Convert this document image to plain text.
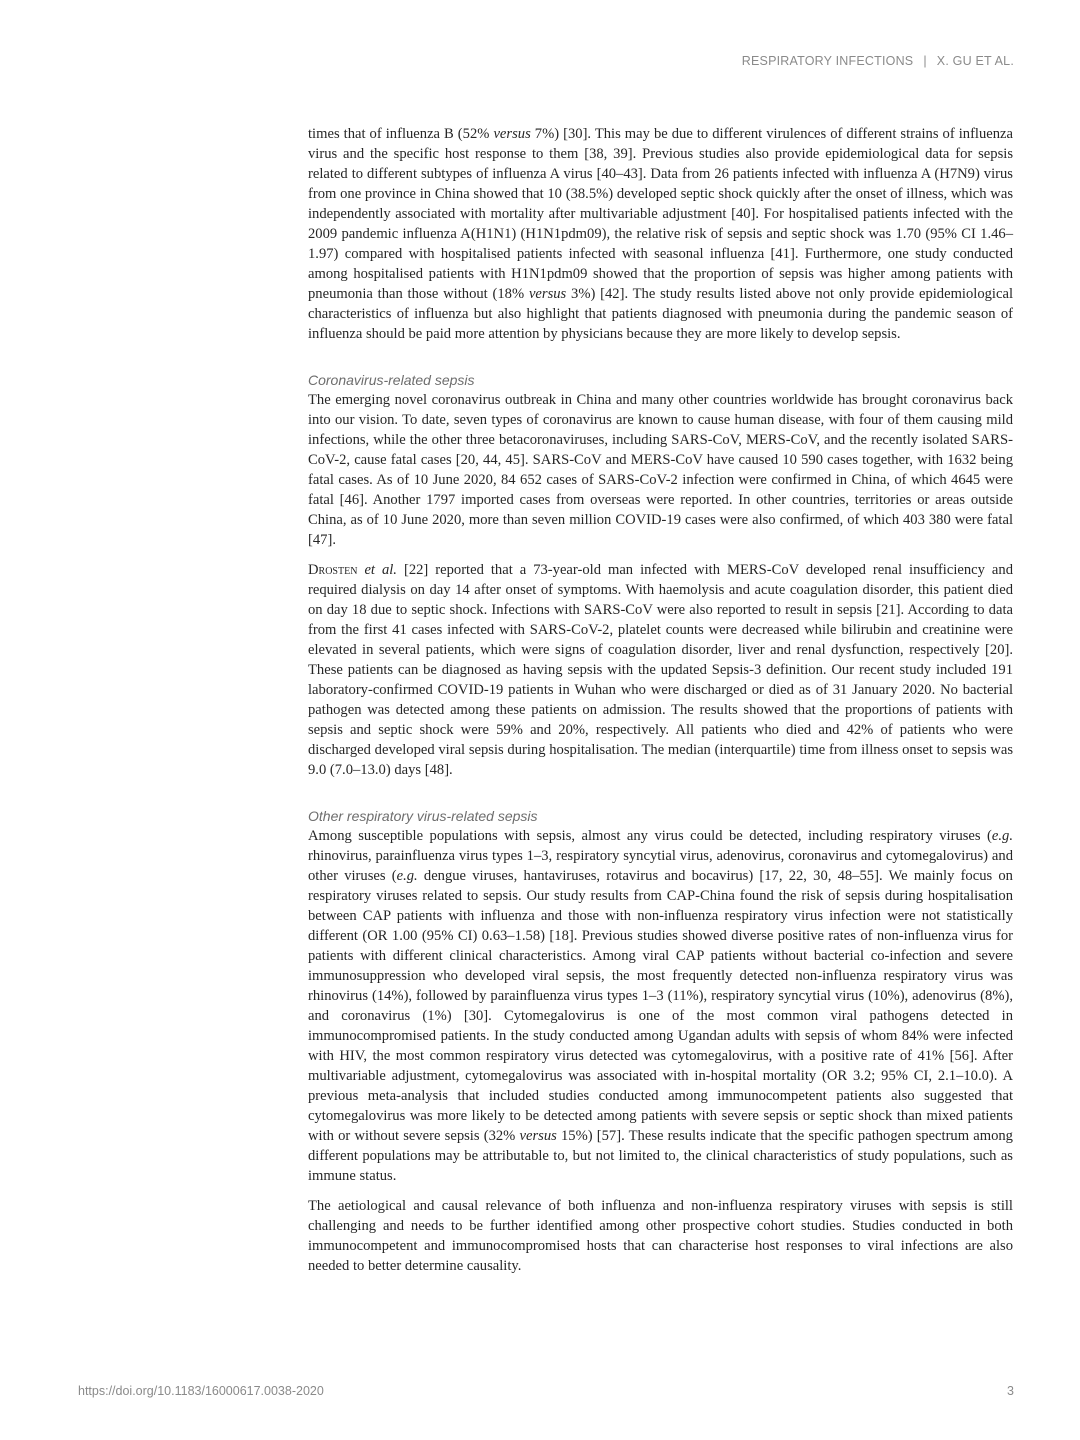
RESPIRATORY INFECTIONS | X. GU ET AL.

times that of influenza B (52% versus 7%) [30]. This may be due to different virulences of different strains of influenza virus and the specific host response to them [38, 39]. Previous studies also provide epidemiological data for sepsis related to different subtypes of influenza A virus [40–43]. Data from 26 patients infected with influenza A (H7N9) virus from one province in China showed that 10 (38.5%) developed septic shock quickly after the onset of illness, which was independently associated with mortality after multivariable adjustment [40]. For hospitalised patients infected with the 2009 pandemic influenza A(H1N1) (H1N1pdm09), the relative risk of sepsis and septic shock was 1.70 (95% CI 1.46–1.97) compared with hospitalised patients infected with seasonal influenza [41]. Furthermore, one study conducted among hospitalised patients with H1N1pdm09 showed that the proportion of sepsis was higher among patients with pneumonia than those without (18% versus 3%) [42]. The study results listed above not only provide epidemiological characteristics of influenza but also highlight that patients diagnosed with pneumonia during the pandemic season of influenza should be paid more attention by physicians because they are more likely to develop sepsis.

Coronavirus-related sepsis

The emerging novel coronavirus outbreak in China and many other countries worldwide has brought coronavirus back into our vision. To date, seven types of coronavirus are known to cause human disease, with four of them causing mild infections, while the other three betacoronaviruses, including SARS-CoV, MERS-CoV, and the recently isolated SARS-CoV-2, cause fatal cases [20, 44, 45]. SARS-CoV and MERS-CoV have caused 10 590 cases together, with 1632 being fatal cases. As of 10 June 2020, 84 652 cases of SARS-CoV-2 infection were confirmed in China, of which 4645 were fatal [46]. Another 1797 imported cases from overseas were reported. In other countries, territories or areas outside China, as of 10 June 2020, more than seven million COVID-19 cases were also confirmed, of which 403 380 were fatal [47].

Drosten et al. [22] reported that a 73-year-old man infected with MERS-CoV developed renal insufficiency and required dialysis on day 14 after onset of symptoms. With haemolysis and acute coagulation disorder, this patient died on day 18 due to septic shock. Infections with SARS-CoV were also reported to result in sepsis [21]. According to data from the first 41 cases infected with SARS-CoV-2, platelet counts were decreased while bilirubin and creatinine were elevated in several patients, which were signs of coagulation disorder, liver and renal dysfunction, respectively [20]. These patients can be diagnosed as having sepsis with the updated Sepsis-3 definition. Our recent study included 191 laboratory-confirmed COVID-19 patients in Wuhan who were discharged or died as of 31 January 2020. No bacterial pathogen was detected among these patients on admission. The results showed that the proportions of patients with sepsis and septic shock were 59% and 20%, respectively. All patients who died and 42% of patients who were discharged developed viral sepsis during hospitalisation. The median (interquartile) time from illness onset to sepsis was 9.0 (7.0–13.0) days [48].

Other respiratory virus-related sepsis

Among susceptible populations with sepsis, almost any virus could be detected, including respiratory viruses (e.g. rhinovirus, parainfluenza virus types 1–3, respiratory syncytial virus, adenovirus, coronavirus and cytomegalovirus) and other viruses (e.g. dengue viruses, hantaviruses, rotavirus and bocavirus) [17, 22, 30, 48–55]. We mainly focus on respiratory viruses related to sepsis. Our study results from CAP-China found the risk of sepsis during hospitalisation between CAP patients with influenza and those with non-influenza respiratory virus infection were not statistically different (OR 1.00 (95% CI) 0.63–1.58) [18]. Previous studies showed diverse positive rates of non-influenza virus for patients with different clinical characteristics. Among viral CAP patients without bacterial co-infection and severe immunosuppression who developed viral sepsis, the most frequently detected non-influenza respiratory virus was rhinovirus (14%), followed by parainfluenza virus types 1–3 (11%), respiratory syncytial virus (10%), adenovirus (8%), and coronavirus (1%) [30]. Cytomegalovirus is one of the most common viral pathogens detected in immunocompromised patients. In the study conducted among Ugandan adults with sepsis of whom 84% were infected with HIV, the most common respiratory virus detected was cytomegalovirus, with a positive rate of 41% [56]. After multivariable adjustment, cytomegalovirus was associated with in-hospital mortality (OR 3.2; 95% CI, 2.1–10.0). A previous meta-analysis that included studies conducted among immunocompetent patients also suggested that cytomegalovirus was more likely to be detected among patients with severe sepsis or septic shock than mixed patients with or without severe sepsis (32% versus 15%) [57]. These results indicate that the specific pathogen spectrum among different populations may be attributable to, but not limited to, the clinical characteristics of study populations, such as immune status.

The aetiological and causal relevance of both influenza and non-influenza respiratory viruses with sepsis is still challenging and needs to be further identified among other prospective cohort studies. Studies conducted in both immunocompetent and immunocompromised hosts that can characterise host responses to viral infections are also needed to better determine causality.

https://doi.org/10.1183/16000617.0038-2020	3
